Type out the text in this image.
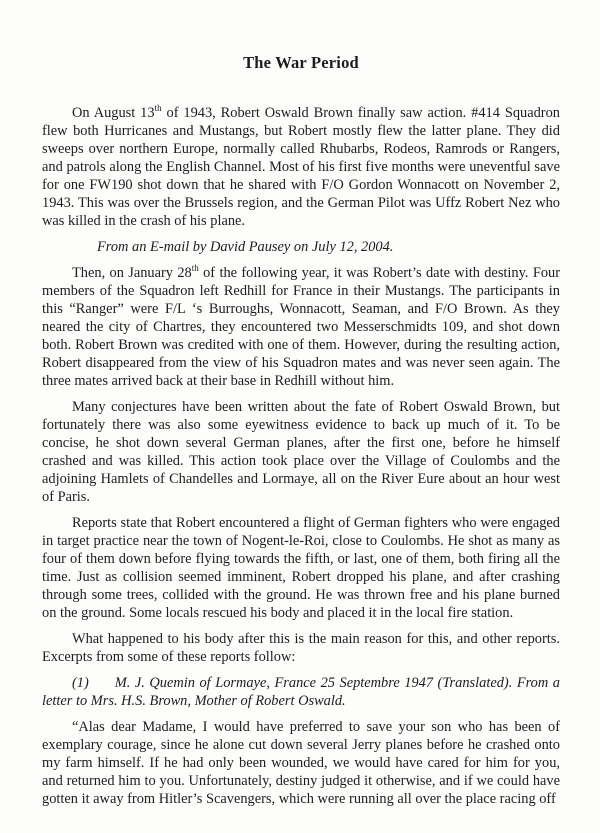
The War Period

On August 13th of 1943, Robert Oswald Brown finally saw action. #414 Squadron flew both Hurricanes and Mustangs, but Robert mostly flew the latter plane. They did sweeps over northern Europe, normally called Rhubarbs, Rodeos, Ramrods or Rangers, and patrols along the English Channel. Most of his first five months were uneventful save for one FW190 shot down that he shared with F/O Gordon Wonnacott on November 2, 1943. This was over the Brussels region, and the German Pilot was Uffz Robert Nez who was killed in the crash of his plane.

From an E-mail by David Pausey on July 12, 2004.

Then, on January 28th of the following year, it was Robert’s date with destiny. Four members of the Squadron left Redhill for France in their Mustangs. The participants in this “Ranger” were F/L ‘s Burroughs, Wonnacott, Seaman, and F/O Brown. As they neared the city of Chartres, they encountered two Messerschmidts 109, and shot down both. Robert Brown was credited with one of them. However, during the resulting action, Robert disappeared from the view of his Squadron mates and was never seen again. The three mates arrived back at their base in Redhill without him.

Many conjectures have been written about the fate of Robert Oswald Brown, but fortunately there was also some eyewitness evidence to back up much of it. To be concise, he shot down several German planes, after the first one, before he himself crashed and was killed. This action took place over the Village of Coulombs and the adjoining Hamlets of Chandelles and Lormaye, all on the River Eure about an hour west of Paris.

Reports state that Robert encountered a flight of German fighters who were engaged in target practice near the town of Nogent-le-Roi, close to Coulombs. He shot as many as four of them down before flying towards the fifth, or last, one of them, both firing all the time. Just as collision seemed imminent, Robert dropped his plane, and after crashing through some trees, collided with the ground. He was thrown free and his plane burned on the ground. Some locals rescued his body and placed it in the local fire station.

What happened to his body after this is the main reason for this, and other reports. Excerpts from some of these reports follow:

(1) M. J. Quemin of Lormaye, France 25 Septembre 1947 (Translated). From a letter to Mrs. H.S. Brown, Mother of Robert Oswald.

“Alas dear Madame, I would have preferred to save your son who has been of exemplary courage, since he alone cut down several Jerry planes before he crashed onto my farm himself. If he had only been wounded, we would have cared for him for you, and returned him to you. Unfortunately, destiny judged it otherwise, and if we could have gotten it away from Hitler’s Scavengers, which were running all over the place racing off
